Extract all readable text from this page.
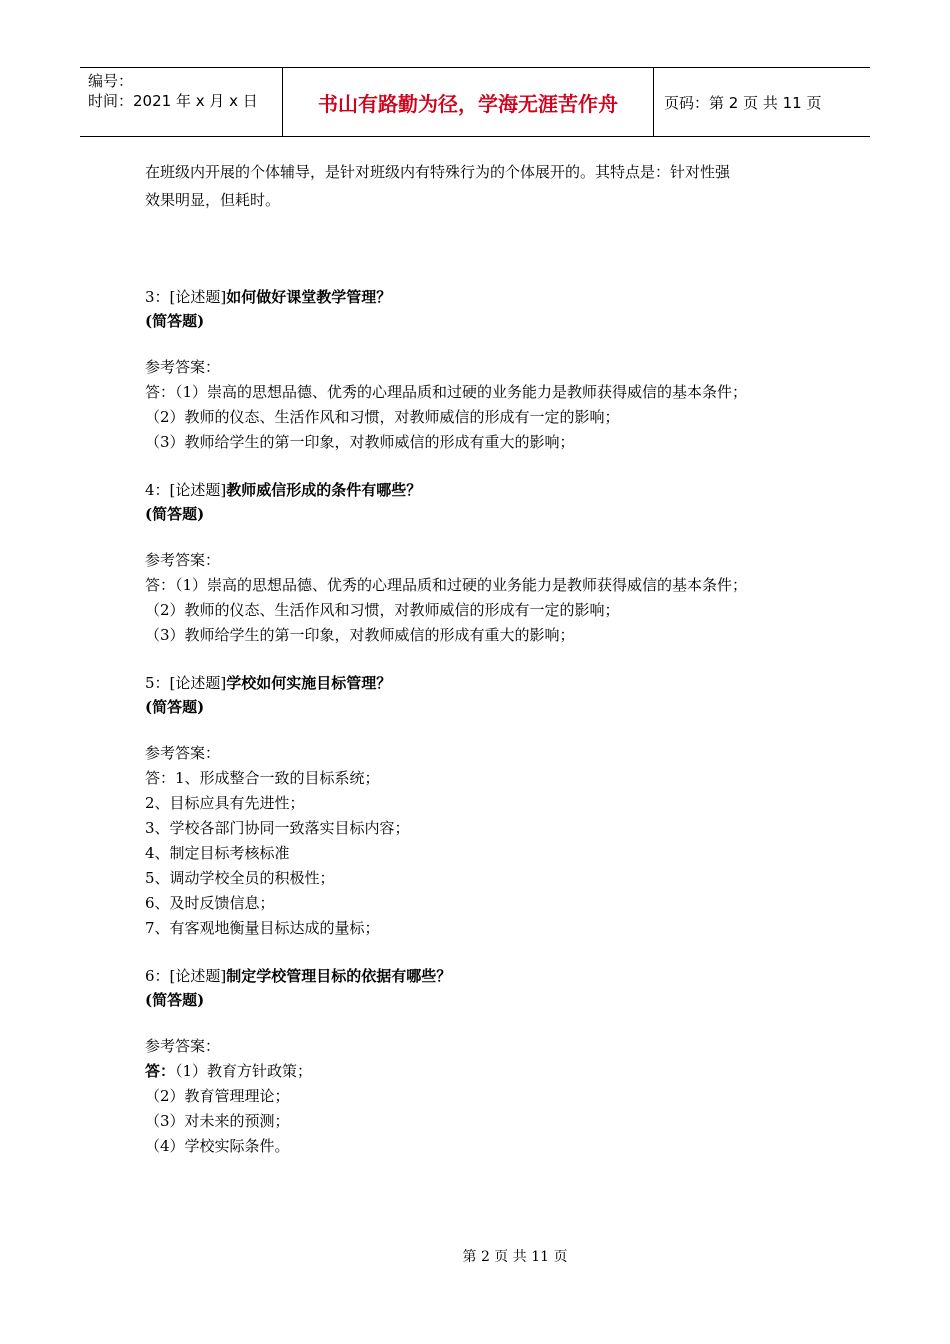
编号：
时间：2021 年 x 月 x 日	书山有路勤为径，学海无涯苦作舟	页码：第 2 页 共 11 页

在班级内开展的个体辅导，是针对班级内有特殊行为的个体展开的。其特点是：针对性强

效果明显，但耗时。

3：[论述题]如何做好课堂教学管理？
(简答题)
参考答案：
答：（1）崇高的思想品德、优秀的心理品质和过硬的业务能力是教师获得威信的基本条件；
（2）教师的仪态、生活作风和习惯，对教师威信的形成有一定的影响；
（3）教师给学生的第一印象，对教师威信的形成有重大的影响；
4：[论述题]教师威信形成的条件有哪些？
(简答题)
参考答案：
答：（1）崇高的思想品德、优秀的心理品质和过硬的业务能力是教师获得威信的基本条件；
（2）教师的仪态、生活作风和习惯，对教师威信的形成有一定的影响；
（3）教师给学生的第一印象，对教师威信的形成有重大的影响；
5：[论述题]学校如何实施目标管理？
(简答题)
参考答案：
答：1、形成整合一致的目标系统；
2、目标应具有先进性；
3、学校各部门协同一致落实目标内容；
4、制定目标考核标准
5、调动学校全员的积极性；
6、及时反馈信息；
7、有客观地衡量目标达成的量标；
6：[论述题]制定学校管理目标的依据有哪些？
(简答题)
参考答案：
答：（1）教育方针政策；
（2）教育管理理论；
（3）对未来的预测；
（4）学校实际条件。
第 2 页 共 11 页
